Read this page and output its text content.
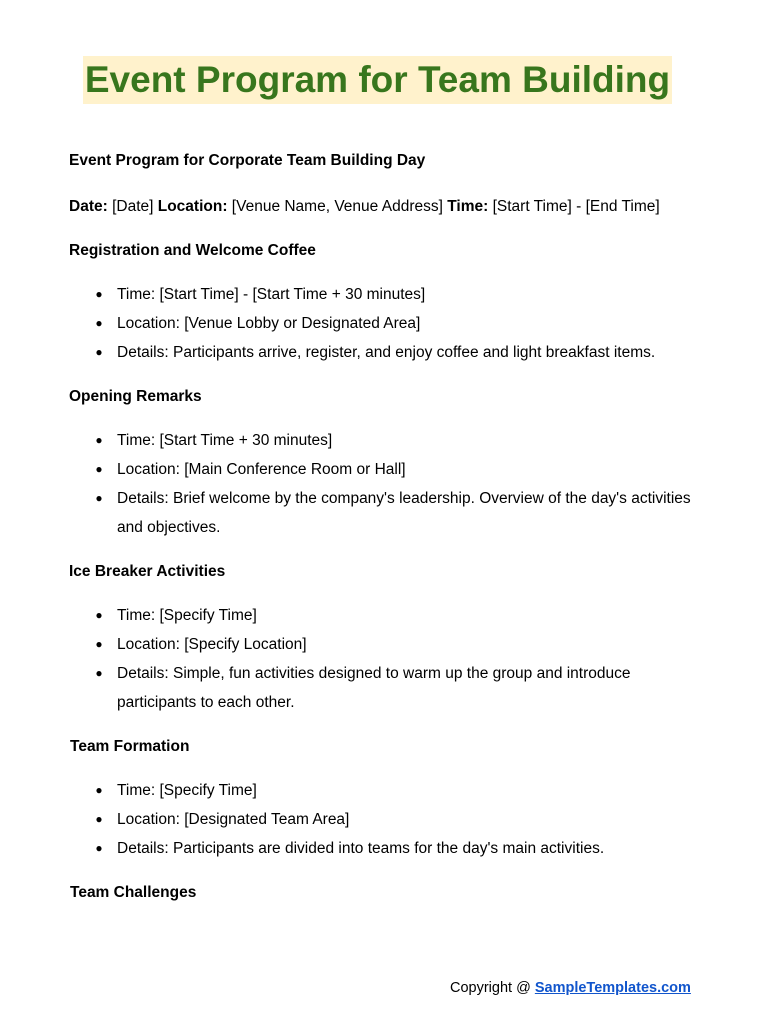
Event Program for Team Building
Event Program for Corporate Team Building Day
Date: [Date] Location: [Venue Name, Venue Address] Time: [Start Time] - [End Time]
Registration and Welcome Coffee
● Time: [Start Time] - [Start Time + 30 minutes]
● Location: [Venue Lobby or Designated Area]
● Details: Participants arrive, register, and enjoy coffee and light breakfast items.
Opening Remarks
● Time: [Start Time + 30 minutes]
● Location: [Main Conference Room or Hall]
● Details: Brief welcome by the company's leadership. Overview of the day's activities and objectives.
Ice Breaker Activities
● Time: [Specify Time]
● Location: [Specify Location]
● Details: Simple, fun activities designed to warm up the group and introduce participants to each other.
Team Formation
● Time: [Specify Time]
● Location: [Designated Team Area]
● Details: Participants are divided into teams for the day's main activities.
Team Challenges
Copyright @ SampleTemplates.com
